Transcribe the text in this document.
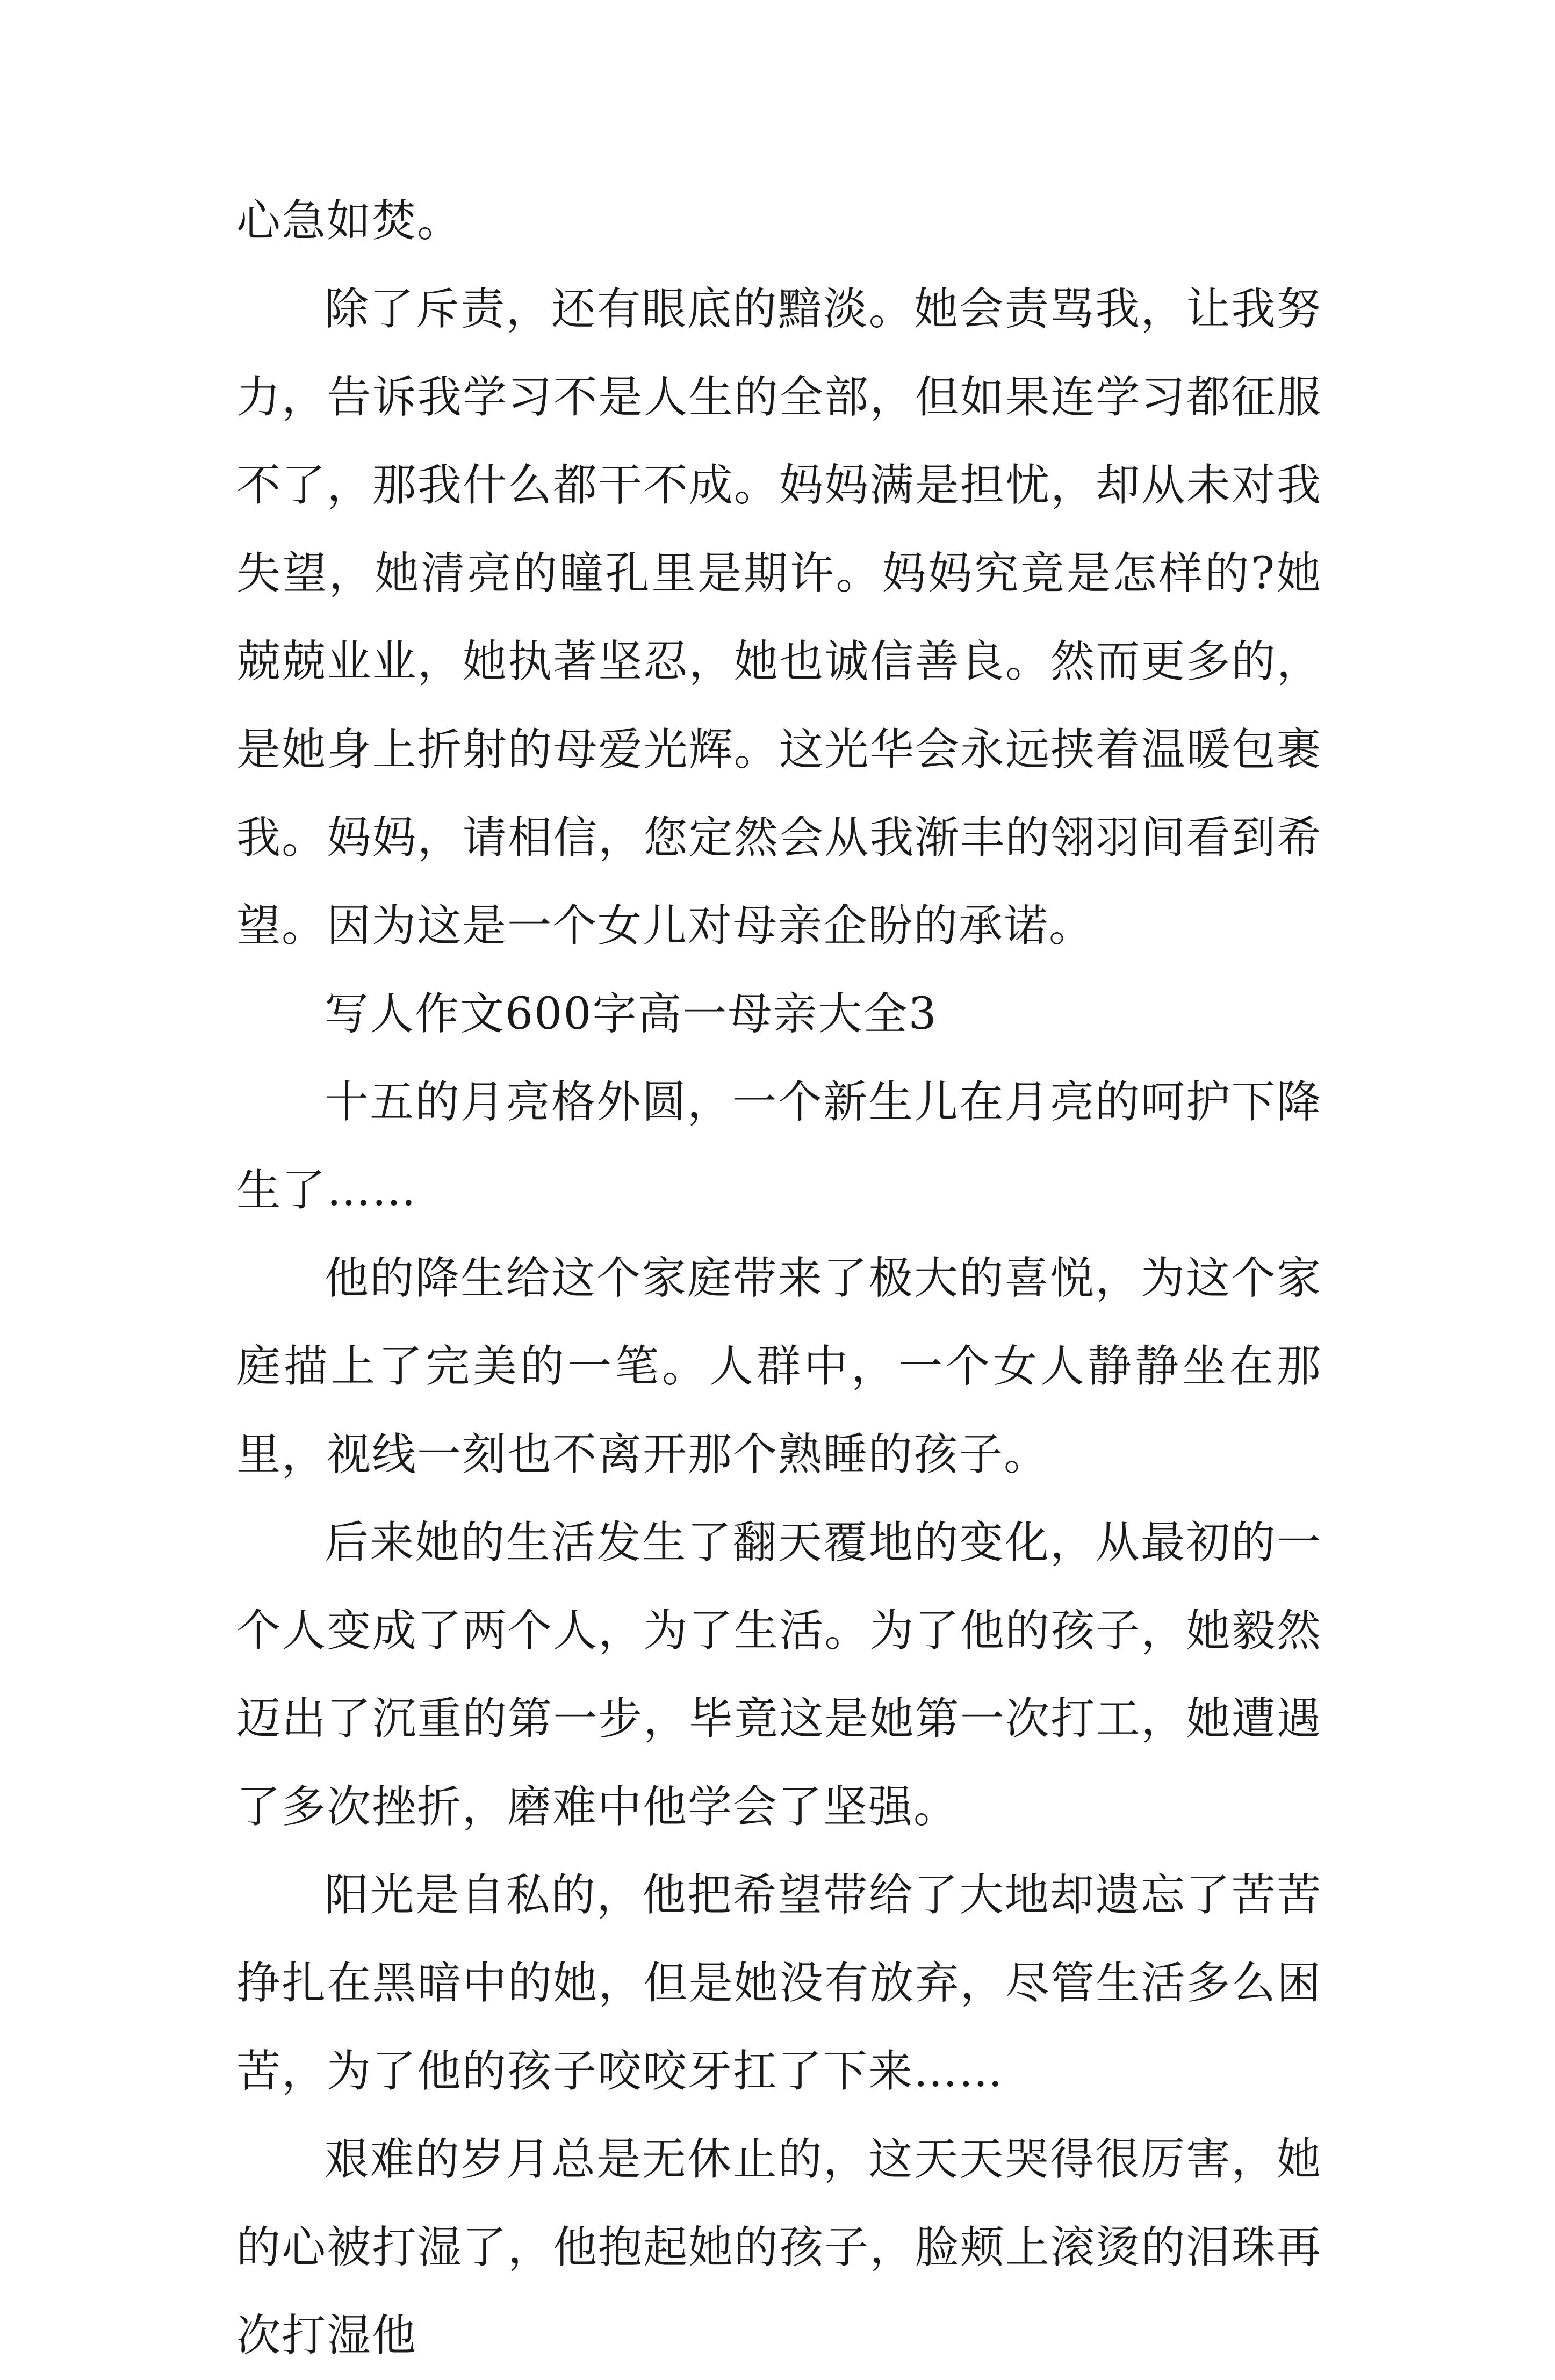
心急如焚。

除了斥责，还有眼底的黯淡。她会责骂我，让我努力，告诉我学习不是人生的全部，但如果连学习都征服不了，那我什么都干不成。妈妈满是担忧，却从未对我失望，她清亮的瞳孔里是期许。妈妈究竟是怎样的?她兢兢业业，她执著坚忍，她也诚信善良。然而更多的，是她身上折射的母爱光辉。这光华会永远挟着温暖包裹我。妈妈，请相信，您定然会从我渐丰的翎羽间看到希望。因为这是一个女儿对母亲企盼的承诺。

写人作文600字高一母亲大全3

十五的月亮格外圆，一个新生儿在月亮的呵护下降生了……

他的降生给这个家庭带来了极大的喜悦，为这个家庭描上了完美的一笔。人群中，一个女人静静坐在那里，视线一刻也不离开那个熟睡的孩子。

后来她的生活发生了翻天覆地的变化，从最初的一个人变成了两个人，为了生活。为了他的孩子，她毅然迈出了沉重的第一步，毕竟这是她第一次打工，她遭遇了多次挫折，磨难中他学会了坚强。

阳光是自私的，他把希望带给了大地却遗忘了苦苦挣扎在黑暗中的她，但是她没有放弃，尽管生活多么困苦，为了他的孩子咬咬牙扛了下来……

艰难的岁月总是无休止的，这天天哭得很厉害，她的心被打湿了，他抱起她的孩子，脸颊上滚烫的泪珠再次打湿他
